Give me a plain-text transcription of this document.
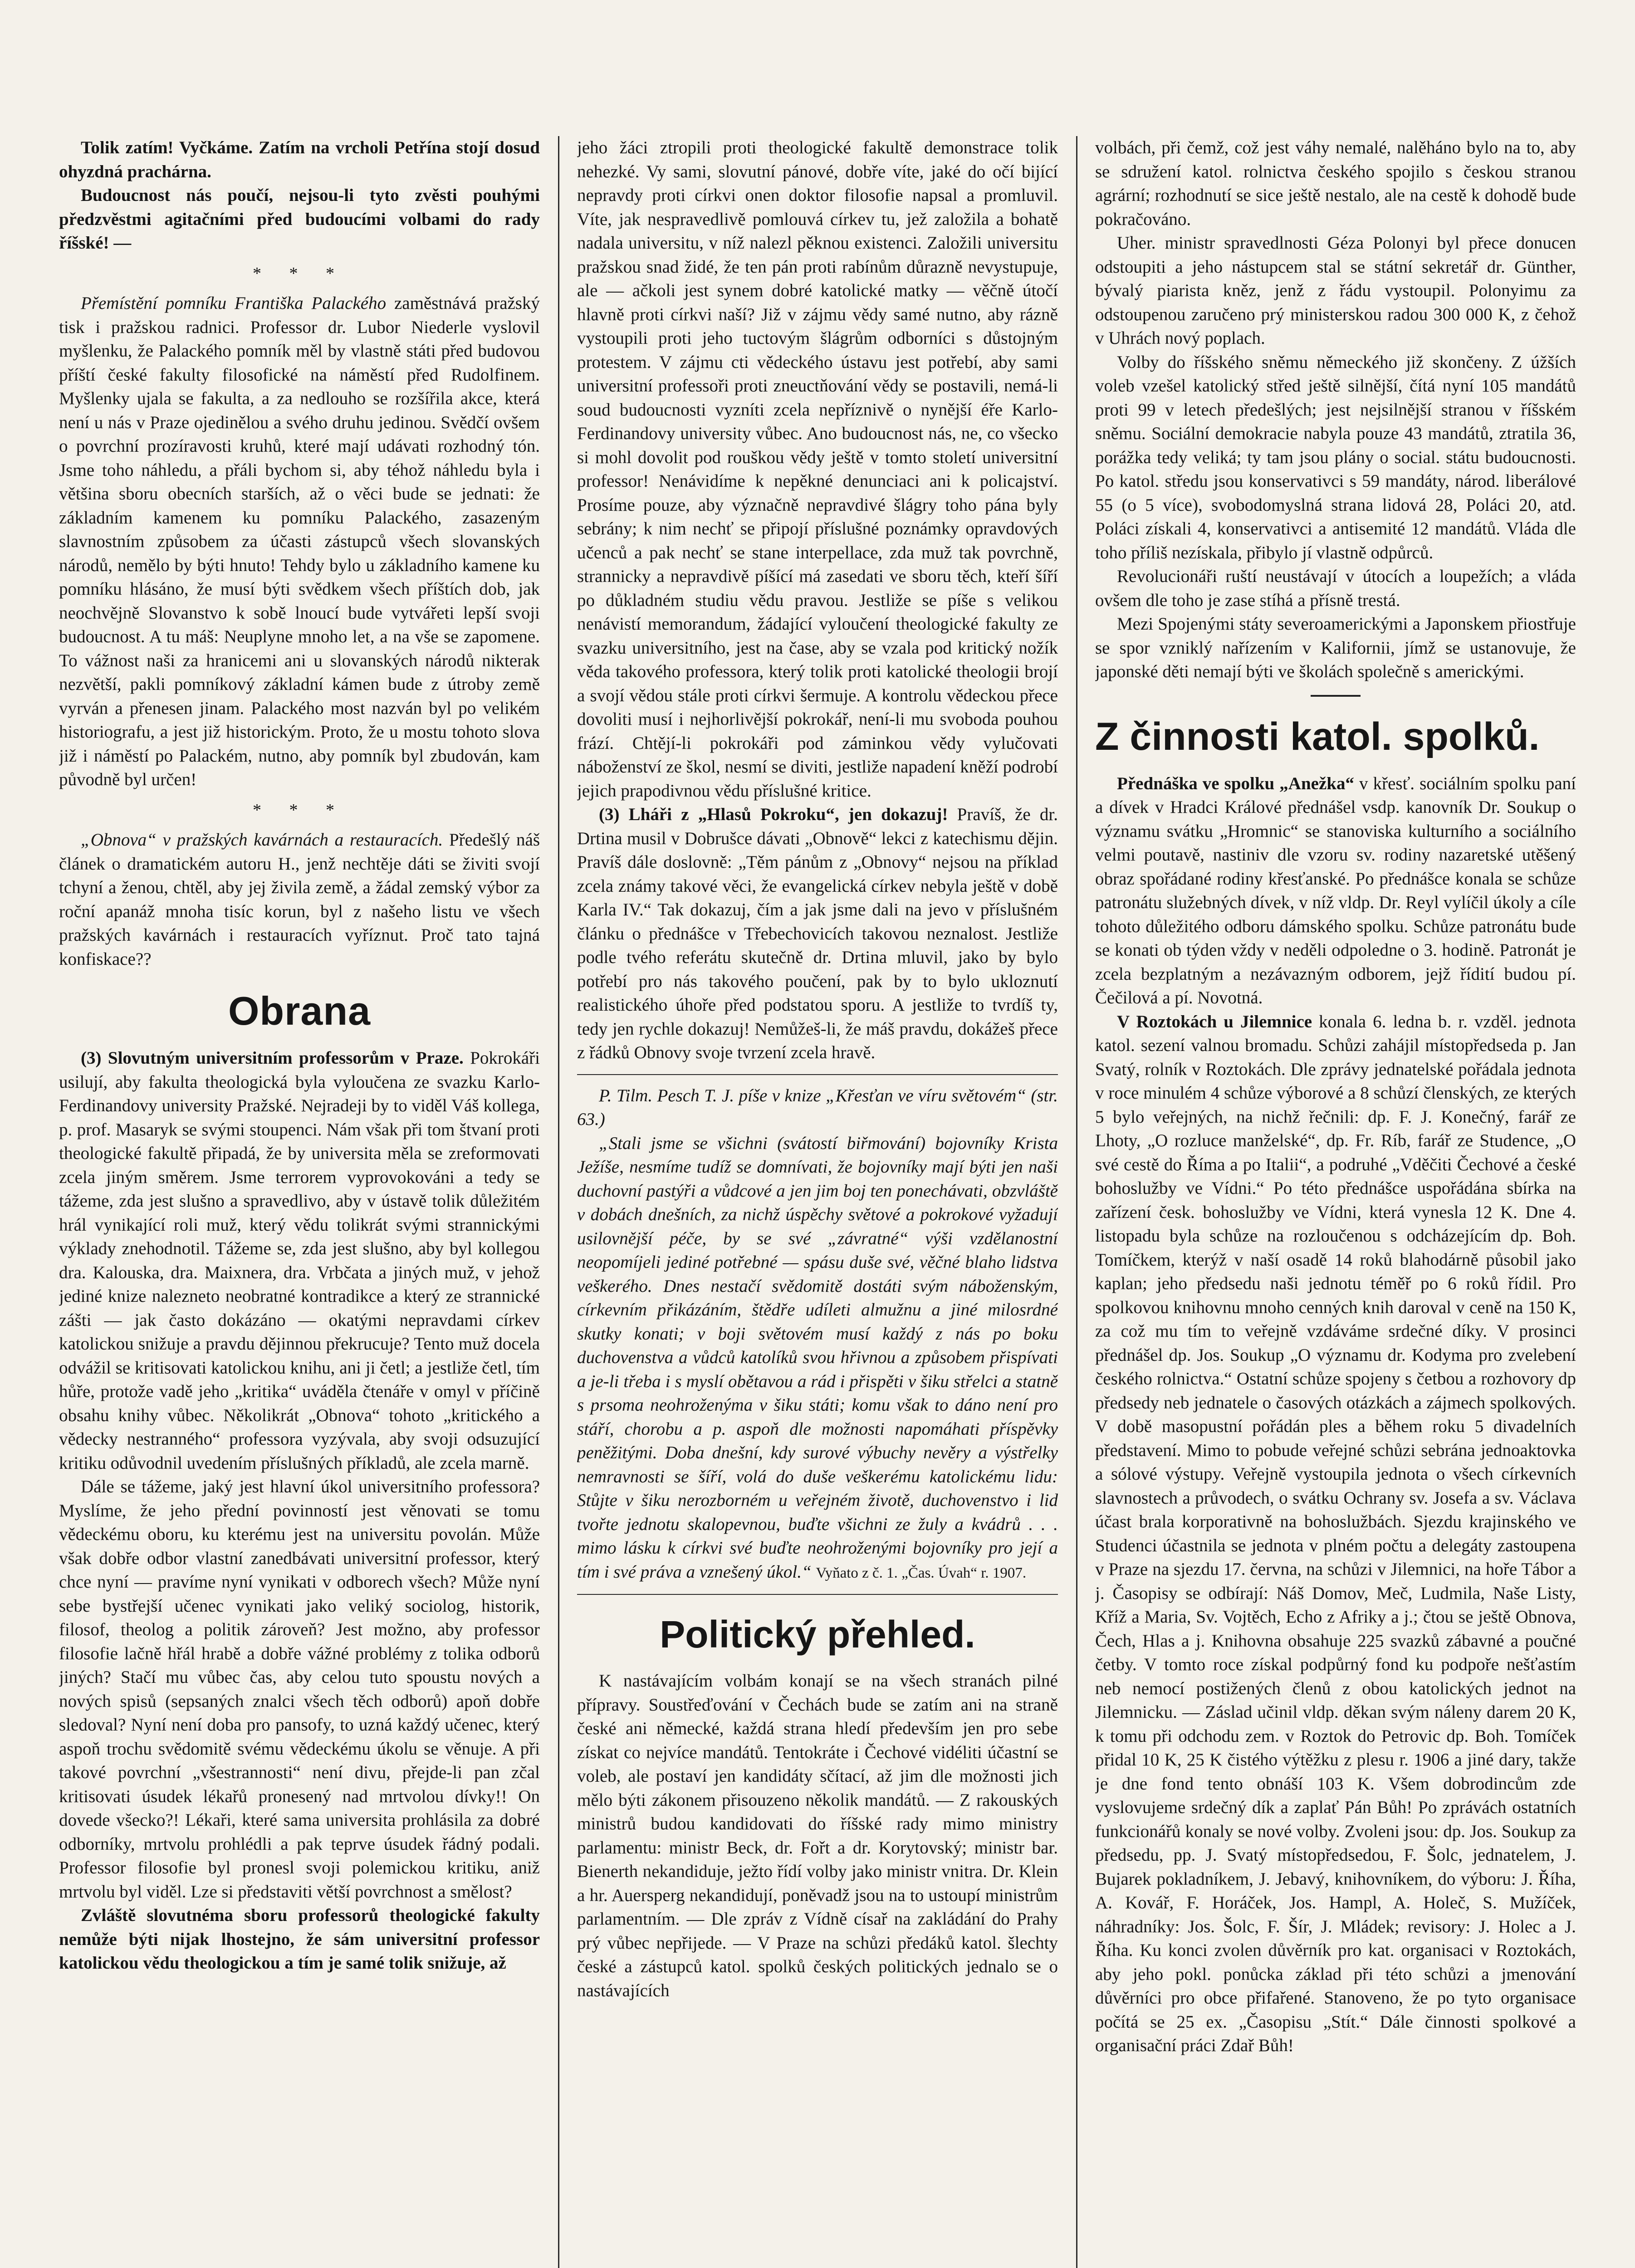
Tolik zatím! Vyčkáme. Zatím na vrcholi Petřína stojí dosud ohyzdná prachárna.

Budoucnost nás poučí, nejsou-li tyto zvěsti pouhými předzvěstmi agitačními před budoucími volbami do rady říšské! —

* * *

Přemístění pomníku Františka Palackého zaměstnává pražský tisk i pražskou radnici. Professor dr. Lubor Niederle vyslovil myšlenku, že Palackého pomník měl by vlastně státi před budovou příští české fakulty filosofické na náměstí před Rudolfinem. Myšlenky ujala se fakulta, a za nedlouho se rozšířila akce, která není u nás v Praze ojedinělou a svého druhu jedinou. Svědčí ovšem o povrchní prozíravosti kruhů, které mají udávati rozhodný tón. Jsme toho náhledu, a přáli bychom si, aby téhož náhledu byla i většina sboru obecních starších, až o věci bude se jednati: že základním kamenem ku pomníku Palackého, zasazeným slavnostním způsobem za účasti zástupců všech slovanských národů, nemělo by býti hnuto! Tehdy bylo u základního kamene ku pomníku hlásáno, že musí býti svědkem všech příštích dob, jak neochvějně Slovanstvo k sobě lnoucí bude vytvářeti lepší svoji budoucnost. A tu máš: Neuplyne mnoho let, a na vše se zapomene. To vážnost naši za hranicemi ani u slovanských národů nikterak nezvětší, pakli pomníkový základní kámen bude z útroby země vyrván a přenesen jinam. Palackého most nazván byl po velikém historiografu, a jest již historickým. Proto, že u mostu tohoto slova již i náměstí po Palackém, nutno, aby pomník byl zbudován, kam původně byl určen!

* * *

„Obnova“ v pražských kavárnách a restauracích. Předešlý náš článek o dramatickém autoru H., jenž nechtěje dáti se živiti svojí tchyní a ženou, chtěl, aby jej živila země, a žádal zemský výbor za roční apanáž mnoha tisíc korun, byl z našeho listu ve všech pražských kavárnách i restauracích vyříznut. Proč tato tajná konfiskace??

Obrana

(3) Slovutným universitním professorům v Praze. Pokrokáři usilují, aby fakulta theologická byla vyloučena ze svazku Karlo-Ferdinandovy university Pražské. Nejradeji by to viděl Váš kollega, p. prof. Masaryk se svými stoupenci. Nám však při tom štvaní proti theologické fakultě připadá, že by universita měla se zreformovati zcela jiným směrem. Jsme terrorem vyprovokováni a tedy se tážeme, zda jest slušno a spravedlivo, aby v ústavě tolik důležitém hrál vynikající roli muž, který vědu tolikrát svými strannickými výklady znehodnotil. Tážeme se, zda jest slušno, aby byl kollegou dra. Kalouska, dra. Maixnera, dra. Vrbčata a jiných muž, v jehož jediné knize nalezneto neobratné kontradikce a který ze strannické zášti — jak často dokázáno — okatými nepravdami církev katolickou snižuje a pravdu dějinnou překrucuje? Tento muž docela odvážil se kritisovati katolickou knihu, ani ji četl; a jestliže četl, tím hůře, protože vadě jeho „kritika“ uváděla čtenáře v omyl v příčině obsahu knihy vůbec. Několikrát „Obnova“ tohoto „kritického a vědecky nestranného“ professora vyzývala, aby svoji odsuzující kritiku odůvodnil uvedením příslušných příkladů, ale zcela marně.

Dále se tážeme, jaký jest hlavní úkol universitního professora? Myslíme, že jeho přední povinností jest věnovati se tomu vědeckému oboru, ku kterému jest na universitu povolán. Může však dobře odbor vlastní zanedbávati universitní professor, který chce nyní — pravíme nyní vynikati v odborech všech? Může nyní sebe bystřejší učenec vynikati jako veliký sociolog, historik, filosof, theolog a politik zároveň? Jest možno, aby professor filosofie lačně hřál hrabě a dobře vážné problémy z tolika odborů jiných? Stačí mu vůbec čas, aby celou tuto spoustu nových a nových spisů (sepsaných znalci všech těch odborů) apoň dobře sledoval? Nyní není doba pro pansofy, to uzná každý učenec, který aspoň trochu svědomitě svému vědeckému úkolu se věnuje. A při takové povrchní „všestrannosti“ není divu, přejde-li pan zčal kritisovati úsudek lékařů pronesený nad mrtvolou dívky!! On dovede všecko?! Lékaři, které sama universita prohlásila za dobré odborníky, mrtvolu prohlédli a pak teprve úsudek řádný podali. Professor filosofie byl pronesl svoji polemickou kritiku, aniž mrtvolu byl viděl. Lze si představiti větší povrchnost a smělost?

Zvláště slovutnéma sboru professorů theologické fakulty nemůže býti nijak lhostejno, že sám universitní professor katolickou vědu theologickou a tím je samé tolik snižuje, až

jeho žáci ztropili proti theologické fakultě demonstrace tolik nehezké. Vy sami, slovutní pánové, dobře víte, jaké do očí bijící nepravdy proti církvi onen doktor filosofie napsal a promluvil. Víte, jak nespravedlivě pomlouvá církev tu, jež založila a bohatě nadala universitu, v níž nalezl pěknou existenci. Založili universitu pražskou snad židé, že ten pán proti rabínům důrazně nevystupuje, ale — ačkoli jest synem dobré katolické matky — věčně útočí hlavně proti církvi naší? Již v zájmu vědy samé nutno, aby rázně vystoupili proti jeho tuctovým šlágrům odborníci s důstojným protestem. V zájmu cti vědeckého ústavu jest potřebí, aby sami universitní professoři proti zneuctňování vědy se postavili, nemá-li soud budoucnosti vyzníti zcela nepříznivě o nynější éře Karlo-Ferdinandovy university vůbec. Ano budoucnost nás, ne, co všecko si mohl dovolit pod rouškou vědy ještě v tomto století universitní professor! Nenávidíme k nepěkné denunciaci ani k policajství. Prosíme pouze, aby význačně nepravdivé šlágry toho pána byly sebrány; k nim nechť se připojí příslušné poznámky opravdových učenců a pak nechť se stane interpellace, zda muž tak povrchně, strannicky a nepravdivě píšící má zasedati ve sboru těch, kteří šíří po důkladném studiu vědu pravou. Jestliže se píše s velikou nenávistí memorandum, žádající vyloučení theologické fakulty ze svazku universitního, jest na čase, aby se vzala pod kritický nožík věda takového professora, který tolik proti katolické theologii brojí a svojí vědou stále proti církvi šermuje. A kontrolu vědeckou přece dovoliti musí i nejhorlivější pokrokář, není-li mu svoboda pouhou frází. Chtějí-li pokrokáři pod záminkou vědy vylučovati náboženství ze škol, nesmí se diviti, jestliže napadení kněží podrobí jejich prapodivnou vědu příslušné kritice.

(3) Lháři z „Hlasů Pokroku“, jen dokazuj! Pravíš, že dr. Drtina musil v Dobrušce dávati „Obnově“ lekci z katechismu dějin. Pravíš dále doslovně: „Těm pánům z „Obnovy“ nejsou na příklad zcela známy takové věci, že evangelická církev nebyla ještě v době Karla IV.“ Tak dokazuj, čím a jak jsme dali na jevo v příslušném článku o přednášce v Třebechovicích takovou neznalost. Jestliže podle tvého referátu skutečně dr. Drtina mluvil, jako by bylo potřebí pro nás takového poučení, pak by to bylo ukloznutí realistického úhoře před podstatou sporu. A jestliže to tvrdíš ty, tedy jen rychle dokazuj! Nemůžeš-li, že máš pravdu, dokážeš přece z řádků Obnovy svoje tvrzení zcela hravě.

P. Tilm. Pesch T. J. píše v knize „Křesťan ve víru světovém“ (str. 63.)

„Stali jsme se všichni (svátostí biřmování) bojovníky Krista Ježíše, nesmíme tudíž se domnívati, že bojovníky mají býti jen naši duchovní pastýři a vůdcové a jen jim boj ten ponechávati, obzvláště v dobách dnešních, za nichž úspěchy světové a pokrokové vyžadují usilovnější péče, by se své „závratné“ výši vzdělanostní neopomíjeli jediné potřebné — spásu duše své, věčné blaho lidstva veškerého. Dnes nestačí svědomitě dostáti svým náboženským, církevním přikázáním, štědře udíleti almužnu a jiné milosrdné skutky konati; v boji světovém musí každý z nás po boku duchovenstva a vůdců katolíků svou hřivnou a způsobem přispívati a je-li třeba i s myslí obětavou a rád i přispěti v šiku střelci a statně s prsoma neohroženýma v šiku státi; komu však to dáno není pro stáří, chorobu a p. aspoň dle možnosti napomáhati příspěvky peněžitými. Doba dnešní, kdy surové výbuchy nevěry a výstřelky nemravnosti se šíří, volá do duše veškerému katolickému lidu: Stůjte v šiku nerozborném u veřejném životě, duchovenstvo i lid tvořte jednotu skalopevnou, buďte všichni ze žuly a kvádrů . . . mimo lásku k církvi své buďte neohroženými bojovníky pro její a tím i své práva a vznešený úkol.“ Vyňato z č. 1. „Čas. Úvah“ r. 1907.

Politický přehled.

K nastávajícím volbám konají se na všech stranách pilné přípravy. Soustřeďování v Čechách bude se zatím ani na straně české ani německé, každá strana hledí především jen pro sebe získat co nejvíce mandátů. Tentokráte i Čechové vidéliti účastní se voleb, ale postaví jen kandidáty sčítací, až jim dle možnosti jich mělo býti zákonem přisouzeno několik mandátů. — Z rakouských ministrů budou kandidovati do říšské rady mimo ministry parlamentu: ministr Beck, dr. Fořt a dr. Korytovský; ministr bar. Bienerth nekandiduje, ježto řídí volby jako ministr vnitra. Dr. Klein a hr. Auersperg nekandidují, poněvadž jsou na to ustoupí ministrům parlamentním. — Dle zpráv z Vídně císař na zakládání do Prahy prý vůbec nepřijede. — V Praze na schůzi předáků katol. šlechty české a zástupců katol. spolků českých politických jednalo se o nastávajících

volbách, při čemž, což jest váhy nemalé, nalěháno bylo na to, aby se sdružení katol. rolnictva českého spojilo s českou stranou agrární; rozhodnutí se sice ještě nestalo, ale na cestě k dohodě bude pokračováno.

Uher. ministr spravedlnosti Géza Polonyi byl přece donucen odstoupiti a jeho nástupcem stal se státní sekretář dr. Günther, bývalý piarista kněz, jenž z řádu vystoupil. Polonyimu za odstoupenou zaručeno prý ministerskou radou 300 000 K, z čehož v Uhrách nový poplach.

Volby do říšského sněmu německého již skončeny. Z úžších voleb vzešel katolický střed ještě silnější, čítá nyní 105 mandátů proti 99 v letech předešlých; jest nejsilnější stranou v říšském sněmu. Sociální demokracie nabyla pouze 43 mandátů, ztratila 36, porážka tedy veliká; ty tam jsou plány o social. státu budoucnosti. Po katol. středu jsou konservativci s 59 mandáty, národ. liberálové 55 (o 5 více), svobodomyslná strana lidová 28, Poláci 20, atd. Poláci získali 4, konservativci a antisemité 12 mandátů. Vláda dle toho příliš nezískala, přibylo jí vlastně odpůrců.

Revolucionáři ruští neustávají v útocích a loupežích; a vláda ovšem dle toho je zase stíhá a přísně trestá.

Mezi Spojenými státy severoamerickými a Japonskem přiostřuje se spor vzniklý nařízením v Kalifornii, jímž se ustanovuje, že japonské děti nemají býti ve školách společně s americkými.

Z činnosti katol. spolků.

Přednáška ve spolku „Anežka“ v křesť. sociálním spolku paní a dívek v Hradci Králové přednášel vsdp. kanovník Dr. Soukup o významu svátku „Hromnic“ se stanoviska kulturního a sociálního velmi poutavě, nastiniv dle vzoru sv. rodiny nazaretské utěšený obraz spořádané rodiny křesťanské. Po přednášce konala se schůze patronátu služebných dívek, v níž vldp. Dr. Reyl vylíčil úkoly a cíle tohoto důležitého odboru dámského spolku. Schůze patronátu bude se konati ob týden vždy v neděli odpoledne o 3. hodině. Patronát je zcela bezplatným a nezávazným odborem, jejž řídití budou pí. Čečilová a pí. Novotná.

V Roztokách u Jilemnice konala 6. ledna b. r. vzděl. jednota katol. sezení valnou bromadu. Schůzi zahájil místopředseda p. Jan Svatý, rolník v Roztokách. Dle zprávy jednatelské pořádala jednota v roce minulém 4 schůze výborové a 8 schůzí členských, ze kterých 5 bylo veřejných, na nichž řečnili: dp. F. J. Konečný, farář ze Lhoty, „O rozluce manželské“, dp. Fr. Ríb, farář ze Studence, „O své cestě do Říma a po Italii“, a podruhé „Vděčiti Čechové a české bohoslužby ve Vídni.“ Po této přednášce uspořádána sbírka na zařízení česk. bohoslužby ve Vídni, která vynesla 12 K. Dne 4. listopadu byla schůze na rozloučenou s odcházejícím dp. Boh. Tomíčkem, kterýž v naší osadě 14 roků blahodárně působil jako kaplan; jeho předsedu naši jednotu téměř po 6 roků řídil. Pro spolkovou knihovnu mnoho cenných knih daroval v ceně na 150 K, za což mu tím to veřejně vzdáváme srdečné díky. V prosinci přednášel dp. Jos. Soukup „O významu dr. Kodyma pro zvelebení českého rolnictva.“ Ostatní schůze spojeny s četbou a rozhovory dp předsedy neb jednatele o časových otázkách a zájmech spolkových. V době masopustní pořádán ples a během roku 5 divadelních představení. Mimo to pobude veřejné schůzi sebrána jednoaktovka a sólové výstupy. Veřejně vystoupila jednota o všech církevních slavnostech a průvodech, o svátku Ochrany sv. Josefa a sv. Václava účast brala korporativně na bohoslužbách. Sjezdu krajinského ve Studenci účastnila se jednota v plném počtu a delegáty zastoupena v Praze na sjezdu 17. června, na schůzi v Jilemnici, na hoře Tábor a j. Časopisy se odbírají: Náš Domov, Meč, Ludmila, Naše Listy, Kříž a Maria, Sv. Vojtěch, Echo z Afriky a j.; čtou se ještě Obnova, Čech, Hlas a j. Knihovna obsahuje 225 svazků zábavné a poučné četby. V tomto roce získal podpůrný fond ku podpoře nešťastím neb nemocí postižených členů z obou katolických jednot na Jilemnicku. — Záslad učinil vldp. děkan svým náleny darem 20 K, k tomu při odchodu zem. v Roztok do Petrovic dp. Boh. Tomíček přidal 10 K, 25 K čistého výtěžku z plesu r. 1906 a jiné dary, takže je dne fond tento obnáší 103 K. Všem dobrodincům zde vyslovujeme srdečný dík a zaplať Pán Bůh! Po zprávách ostatních funkcionářů konaly se nové volby. Zvoleni jsou: dp. Jos. Soukup za předsedu, pp. J. Svatý místopředsedou, F. Šolc, jednatelem, J. Bujarek pokladníkem, J. Jebavý, knihovníkem, do výboru: J. Říha, A. Kovář, F. Horáček, Jos. Hampl, A. Holeč, S. Mužíček, náhradníky: Jos. Šolc, F. Šír, J. Mládek; revisory: J. Holec a J. Říha. Ku konci zvolen důvěrník pro kat. organisaci v Roztokách, aby jeho pokl. ponůcka základ při této schůzi a jmenování důvěrníci pro obce přifařené. Stanoveno, že po tyto organisace počítá se 25 ex. „Časopisu „Stít.“ Dále činnosti spolkové a organisační práci Zdař Bůh!
